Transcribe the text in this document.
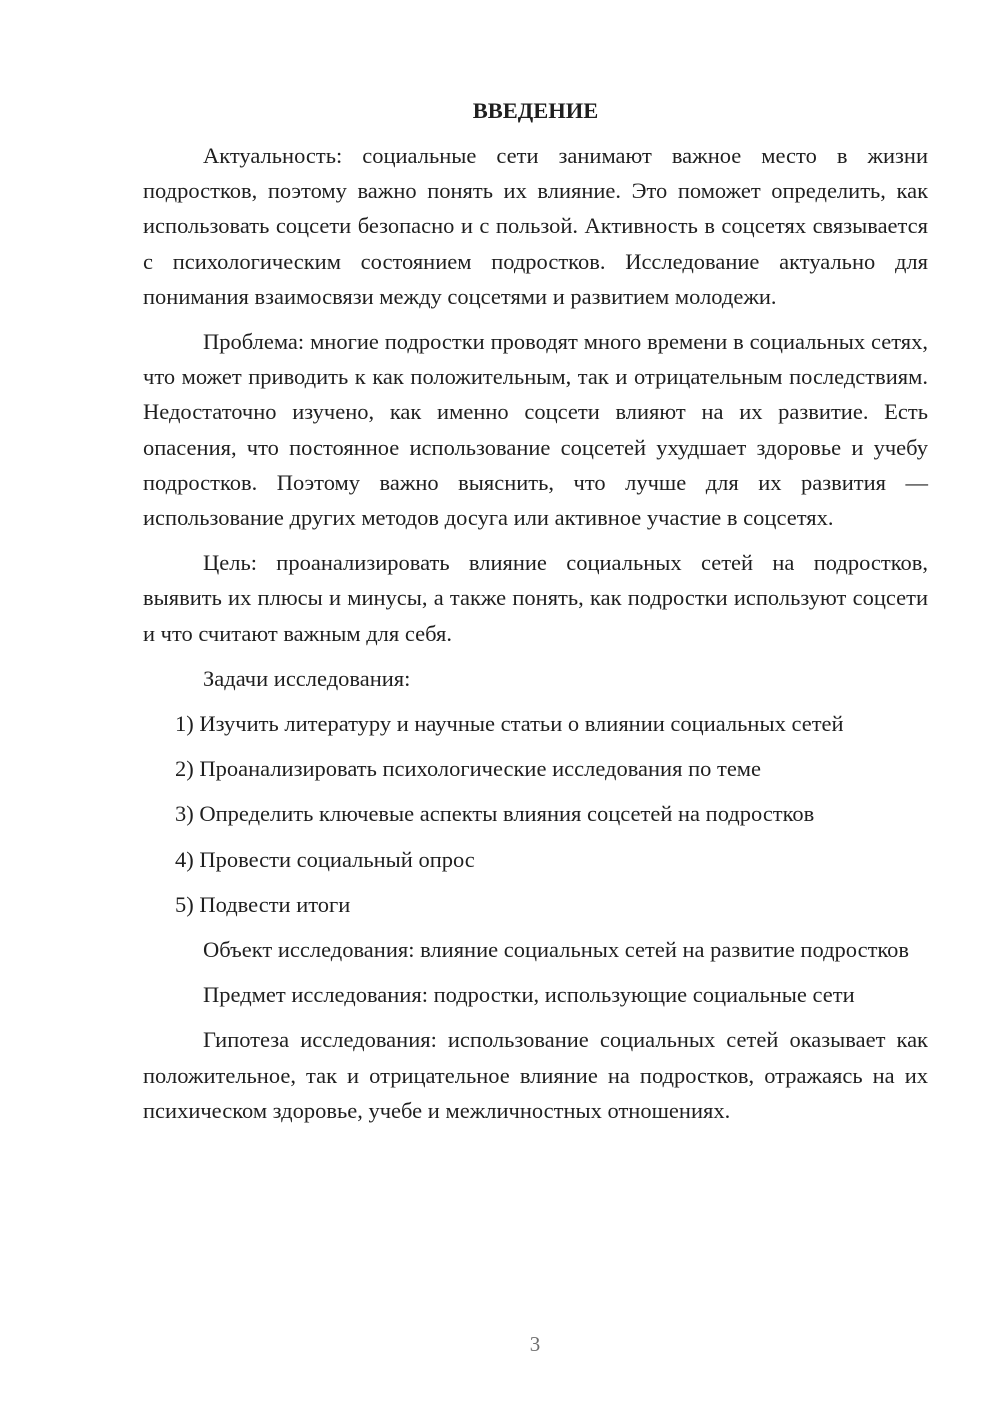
ВВЕДЕНИЕ

Актуальность: социальные сети занимают важное место в жизни подростков, поэтому важно понять их влияние. Это поможет определить, как использовать соцсети безопасно и с пользой. Активность в соцсетях связывается с психологическим состоянием подростков. Исследование актуально для понимания взаимосвязи между соцсетями и развитием молодежи.

Проблема: многие подростки проводят много времени в социальных сетях, что может приводить к как положительным, так и отрицательным последствиям. Недостаточно изучено, как именно соцсети влияют на их развитие. Есть опасения, что постоянное использование соцсетей ухудшает здоровье и учебу подростков. Поэтому важно выяснить, что лучше для их развития — использование других методов досуга или активное участие в соцсетях.

Цель: проанализировать влияние социальных сетей на подростков, выявить их плюсы и минусы, а также понять, как подростки используют соцсети и что считают важным для себя.

Задачи исследования:

1) Изучить литературу и научные статьи о влиянии социальных сетей
2) Проанализировать психологические исследования по теме
3) Определить ключевые аспекты влияния соцсетей на подростков
4) Провести социальный опрос
5) Подвести итоги

Объект исследования: влияние социальных сетей на развитие подростков

Предмет исследования: подростки, использующие социальные сети

Гипотеза исследования: использование социальных сетей оказывает как положительное, так и отрицательное влияние на подростков, отражаясь на их психическом здоровье, учебе и межличностных отношениях.

3
